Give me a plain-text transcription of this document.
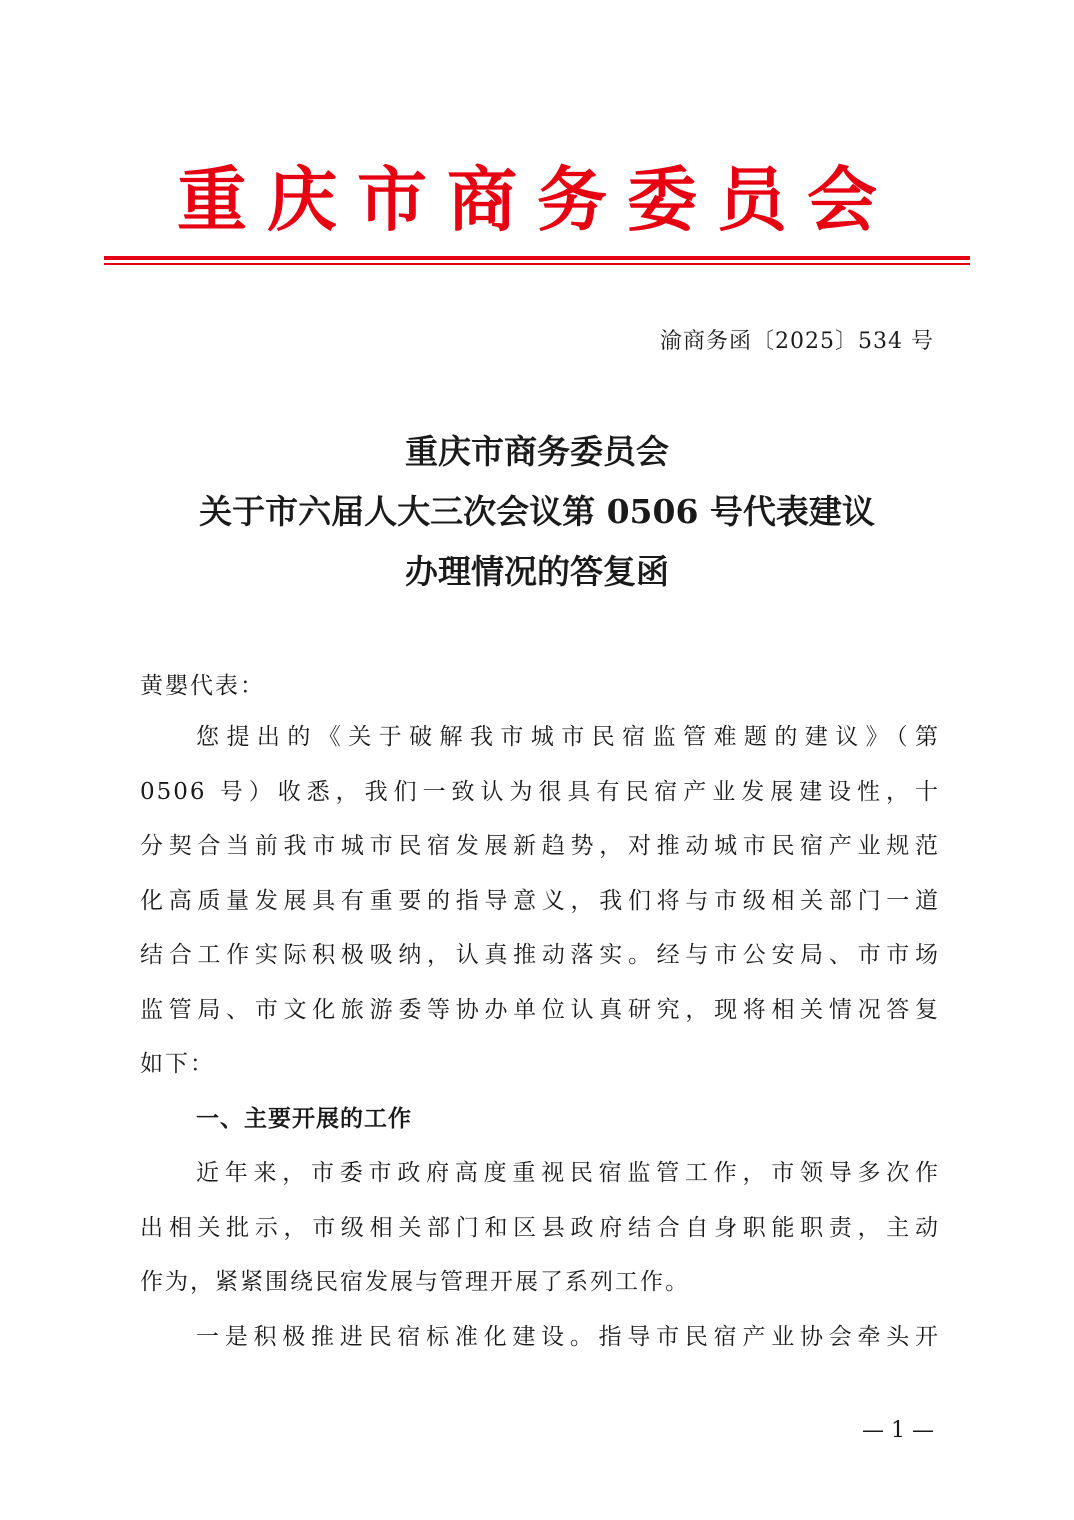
重庆市商务委员会
渝商务函〔2025〕534 号
重庆市商务委员会
关于市六届人大三次会议第 0506 号代表建议
办理情况的答复函
黄嬰代表：
您提出的《关于破解我市城市民宿监管难题的建议》（第
0506 号）收悉，我们一致认为很具有民宿产业发展建设性，十
分契合当前我市城市民宿发展新趋势，对推动城市民宿产业规范
化高质量发展具有重要的指导意义，我们将与市级相关部门一道
结合工作实际积极吸纳，认真推动落实。经与市公安局、市市场
监管局、市文化旅游委等协办单位认真研究，现将相关情况答复
如下：
一、主要开展的工作
近年来，市委市政府高度重视民宿监管工作，市领导多次作
出相关批示，市级相关部门和区县政府结合自身职能职责，主动
作为，紧紧围绕民宿发展与管理开展了系列工作。
一是积极推进民宿标准化建设。指导市民宿产业协会牵头开
— 1 —
